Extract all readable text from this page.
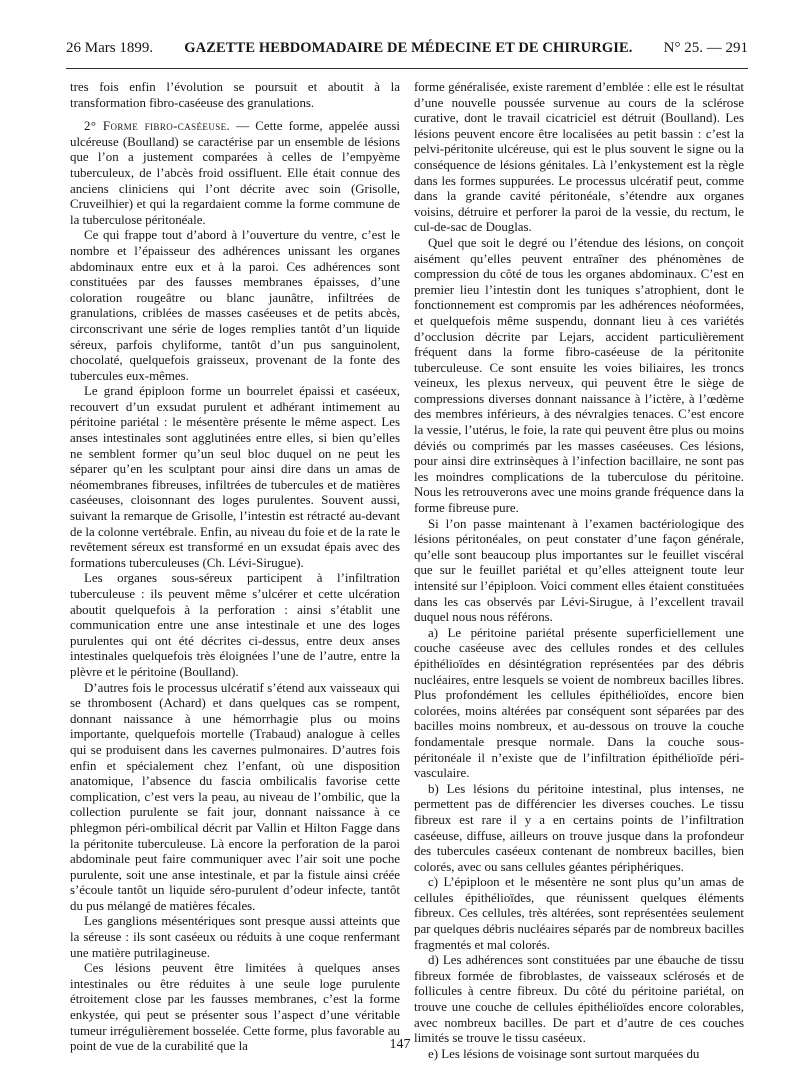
26 Mars 1899. GAZETTE HEBDOMADAIRE DE MÉDECINE ET DE CHIRURGIE. N° 25. — 291

tres fois enfin l’évolution se poursuit et aboutit à la transformation fibro-caséeuse des granulations.

2° Forme fibro-caséeuse. — Cette forme, appelée aussi ulcéreuse (Boulland) se caractérise par un ensemble de lésions que l’on a justement comparées à celles de l’empyème tuberculeux, de l’abcès froid ossifluent. Elle était connue des anciens cliniciens qui l’ont décrite avec soin (Grisolle, Cruveilhier) et qui la regardaient comme la forme commune de la tuberculose péritonéale.

Ce qui frappe tout d’abord à l’ouverture du ventre, c’est le nombre et l’épaisseur des adhérences unissant les organes abdominaux entre eux et à la paroi. Ces adhérences sont constituées par des fausses membranes épaisses, d’une coloration rougeâtre ou blanc jaunâtre, infiltrées de granulations, criblées de masses caséeuses et de petits abcès, circonscrivant une série de loges remplies tantôt d’un liquide séreux, parfois chyliforme, tantôt d’un pus sanguinolent, chocolaté, quelquefois graisseux, provenant de la fonte des tubercules eux-mêmes.

Le grand épiploon forme un bourrelet épaissi et caséeux, recouvert d’un exsudat purulent et adhérant intimement au péritoine pariétal : le mésentère présente le même aspect. Les anses intestinales sont agglutinées entre elles, si bien qu’elles ne semblent former qu’un seul bloc duquel on ne peut les séparer qu’en les sculptant pour ainsi dire dans un amas de néomembranes fibreuses, infiltrées de tubercules et de matières caséeuses, cloisonnant des loges purulentes. Souvent aussi, suivant la remarque de Grisolle, l’intestin est rétracté au-devant de la colonne vertébrale. Enfin, au niveau du foie et de la rate le revêtement séreux est transformé en un exsudat épais avec des formations tuberculeuses (Ch. Lévi-Sirugue).

Les organes sous-séreux participent à l’infiltration tuberculeuse : ils peuvent même s’ulcérer et cette ulcération aboutit quelquefois à la perforation : ainsi s’établit une communication entre une anse intestinale et une des loges purulentes qui ont été décrites ci-dessus, entre deux anses intestinales quelquefois très éloignées l’une de l’autre, entre la plèvre et le péritoine (Boulland).

D’autres fois le processus ulcératif s’étend aux vaisseaux qui se thrombosent (Achard) et dans quelques cas se rompent, donnant naissance à une hémorrhagie plus ou moins importante, quelquefois mortelle (Trabaud) analogue à celles qui se produisent dans les cavernes pulmonaires. D’autres fois enfin et spécialement chez l’enfant, où une disposition anatomique, l’absence du fascia ombilicalis favorise cette complication, c’est vers la peau, au niveau de l’ombilic, que la collection purulente se fait jour, donnant naissance à ce phlegmon péri-ombilical décrit par Vallin et Hilton Fagge dans la péritonite tuberculeuse. Là encore la perforation de la paroi abdominale peut faire communiquer avec l’air soit une poche purulente, soit une anse intestinale, et par la fistule ainsi créée s’écoule tantôt un liquide séro-purulent d’odeur infecte, tantôt du pus mélangé de matières fécales.

Les ganglions mésentériques sont presque aussi atteints que la séreuse : ils sont caséeux ou réduits à une coque renfermant une matière putrilagineuse.

Ces lésions peuvent être limitées à quelques anses intestinales ou être réduites à une seule loge purulente étroitement close par les fausses membranes, c’est la forme enkystée, qui peut se présenter sous l’aspect d’une véritable tumeur irrégulièrement bosselée. Cette forme, plus favorable au point de vue de la curabilité que la

forme généralisée, existe rarement d’emblée : elle est le résultat d’une nouvelle poussée survenue au cours de la sclérose curative, dont le travail cicatriciel est détruit (Boulland). Les lésions peuvent encore être localisées au petit bassin : c’est la pelvi-péritonite ulcéreuse, qui est le plus souvent le signe ou la conséquence de lésions génitales. Là l’enkystement est la règle dans les formes suppurées. Le processus ulcératif peut, comme dans la grande cavité péritonéale, s’étendre aux organes voisins, détruire et perforer la paroi de la vessie, du rectum, le cul-de-sac de Douglas.

Quel que soit le degré ou l’étendue des lésions, on conçoit aisément qu’elles peuvent entraîner des phénomènes de compression du côté de tous les organes abdominaux. C’est en premier lieu l’intestin dont les tuniques s’atrophient, dont le fonctionnement est compromis par les adhérences néoformées, et quelquefois même suspendu, donnant lieu à ces variétés d’occlusion décrite par Lejars, accident particulièrement fréquent dans la forme fibro-caséeuse de la péritonite tuberculeuse. Ce sont ensuite les voies biliaires, les troncs veineux, les plexus nerveux, qui peuvent être le siège de compressions diverses donnant naissance à l’ictère, à l’œdème des membres inférieurs, à des névralgies tenaces. C’est encore la vessie, l’utérus, le foie, la rate qui peuvent être plus ou moins déviés ou comprimés par les masses caséeuses. Ces lésions, pour ainsi dire extrinsèques à l’infection bacillaire, ne sont pas les moindres complications de la tuberculose du péritoine. Nous les retrouverons avec une moins grande fréquence dans la forme fibreuse pure.

Si l’on passe maintenant à l’examen bactériologique des lésions péritonéales, on peut constater d’une façon générale, qu’elle sont beaucoup plus importantes sur le feuillet viscéral que sur le feuillet pariétal et qu’elles atteignent toute leur intensité sur l’épiploon. Voici comment elles étaient constituées dans les cas observés par Lévi-Sirugue, à l’excellent travail duquel nous nous référons.

a) Le péritoine pariétal présente superficiellement une couche caséeuse avec des cellules rondes et des cellules épithélioïdes en désintégration représentées par des débris nucléaires, entre lesquels se voient de nombreux bacilles libres. Plus profondément les cellules épithélioïdes, encore bien colorées, moins altérées par conséquent sont séparées par des bacilles moins nombreux, et au-dessous on trouve la couche fondamentale presque normale. Dans la couche sous-péritonéale il n’existe que de l’infiltration épithélioïde péri-vasculaire.

b) Les lésions du péritoine intestinal, plus intenses, ne permettent pas de différencier les diverses couches. Le tissu fibreux est rare il y a en certains points de l’infiltration caséeuse, diffuse, ailleurs on trouve jusque dans la profondeur des tubercules caséeux contenant de nombreux bacilles, bien colorés, avec ou sans cellules géantes périphériques.

c) L’épiploon et le mésentère ne sont plus qu’un amas de cellules épithélioïdes, que réunissent quelques éléments fibreux. Ces cellules, très altérées, sont représentées seulement par quelques débris nucléaires séparés par de nombreux bacilles fragmentés et mal colorés.

d) Les adhérences sont constituées par une ébauche de tissu fibreux formée de fibroblastes, de vaisseaux sclérosés et de follicules à centre fibreux. Du côté du péritoine pariétal, on trouve une couche de cellules épithélioïdes encore colorables, avec nombreux bacilles. De part et d’autre de ces couches limités se trouve le tissu caséeux.

e) Les lésions de voisinage sont surtout marquées du

147
